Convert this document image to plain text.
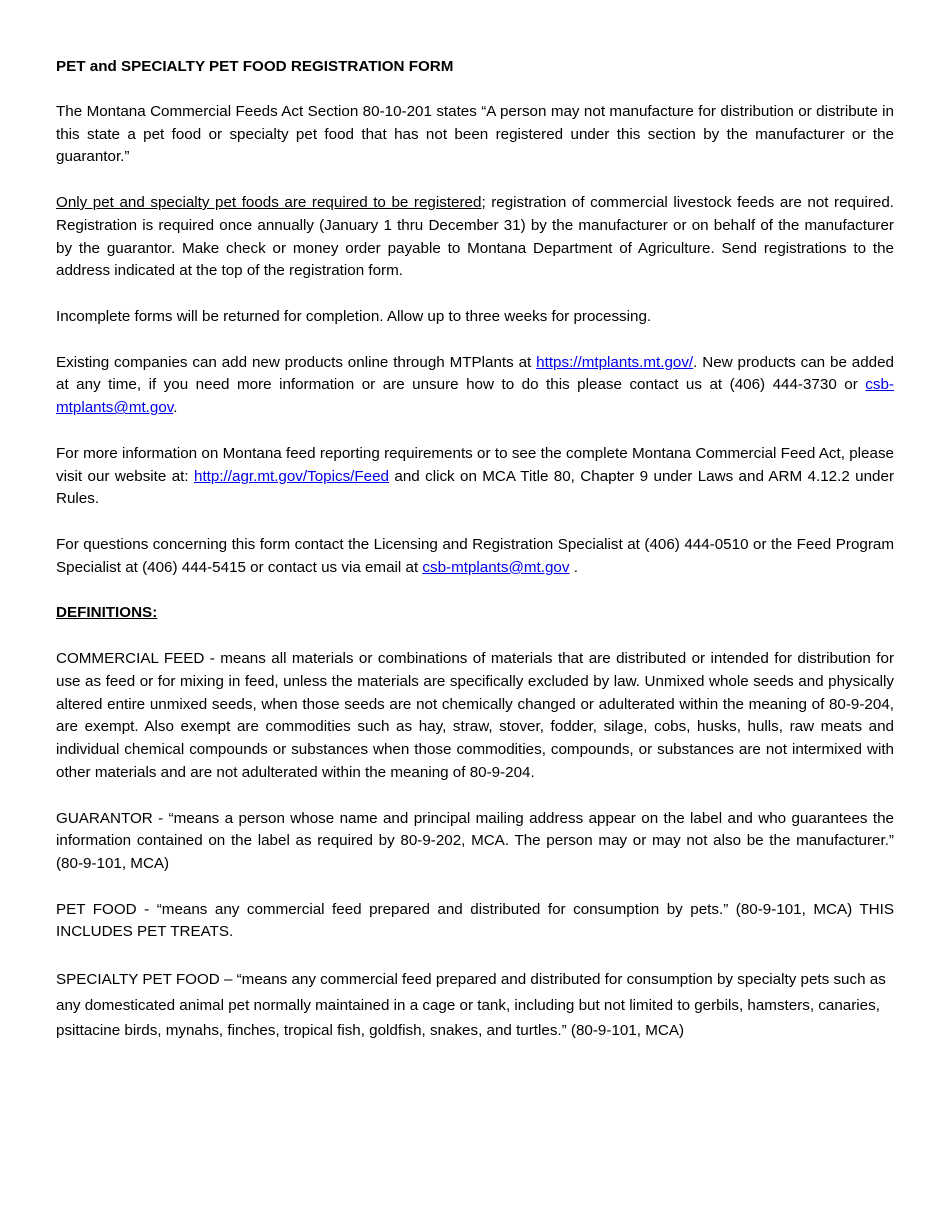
PET and SPECIALTY PET FOOD REGISTRATION FORM

The Montana Commercial Feeds Act Section 80-10-201 states “A person may not manufacture for distribution or distribute in this state a pet food or specialty pet food that has not been registered under this section by the manufacturer or the guarantor.”

Only pet and specialty pet foods are required to be registered; registration of commercial livestock feeds are not required. Registration is required once annually (January 1 thru December 31) by the manufacturer or on behalf of the manufacturer by the guarantor. Make check or money order payable to Montana Department of Agriculture. Send registrations to the address indicated at the top of the registration form.

Incomplete forms will be returned for completion. Allow up to three weeks for processing.

Existing companies can add new products online through MTPlants at https://mtplants.mt.gov/. New products can be added at any time, if you need more information or are unsure how to do this please contact us at (406) 444-3730 or csb-mtplants@mt.gov.

For more information on Montana feed reporting requirements or to see the complete Montana Commercial Feed Act, please visit our website at: http://agr.mt.gov/Topics/Feed and click on MCA Title 80, Chapter 9 under Laws and ARM 4.12.2 under Rules.

For questions concerning this form contact the Licensing and Registration Specialist at (406) 444-0510 or the Feed Program Specialist at (406) 444-5415 or contact us via email at csb-mtplants@mt.gov .

DEFINITIONS:

COMMERCIAL FEED - means all materials or combinations of materials that are distributed or intended for distribution for use as feed or for mixing in feed, unless the materials are specifically excluded by law. Unmixed whole seeds and physically altered entire unmixed seeds, when those seeds are not chemically changed or adulterated within the meaning of 80-9-204, are exempt. Also exempt are commodities such as hay, straw, stover, fodder, silage, cobs, husks, hulls, raw meats and individual chemical compounds or substances when those commodities, compounds, or substances are not intermixed with other materials and are not adulterated within the meaning of 80-9-204.

GUARANTOR - “means a person whose name and principal mailing address appear on the label and who guarantees the information contained on the label as required by 80-9-202, MCA. The person may or may not also be the manufacturer.” (80-9-101, MCA)

PET FOOD - “means any commercial feed prepared and distributed for consumption by pets.” (80-9-101, MCA) THIS INCLUDES PET TREATS.

SPECIALTY PET FOOD – “means any commercial feed prepared and distributed for consumption by specialty pets such as any domesticated animal pet normally maintained in a cage or tank, including but not limited to gerbils, hamsters, canaries, psittacine birds, mynahs, finches, tropical fish, goldfish, snakes, and turtles.” (80-9-101, MCA)
